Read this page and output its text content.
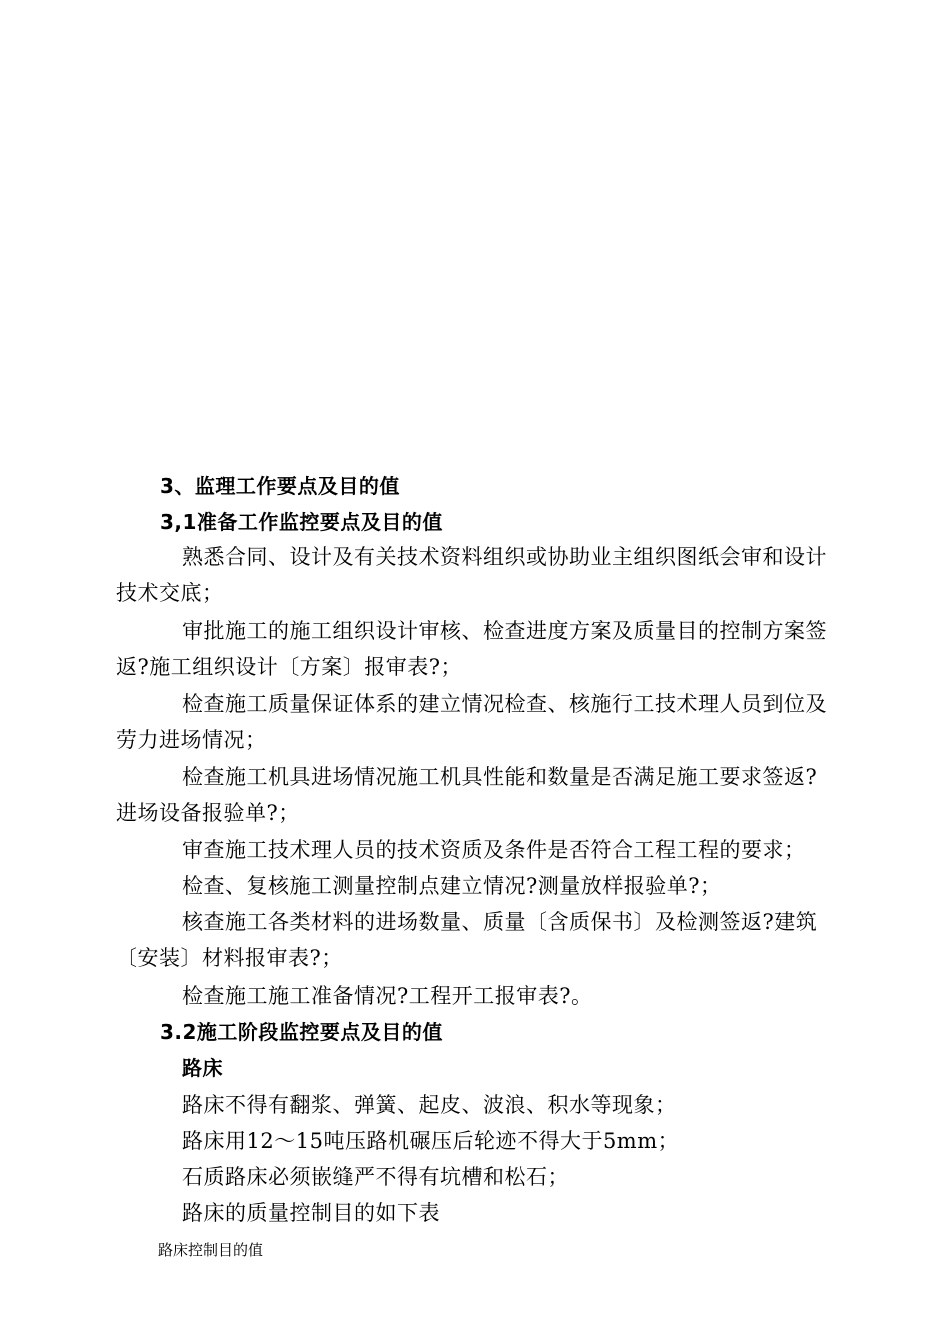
3、监理工作要点及目的值
3,1准备工作监控要点及目的值
熟悉合同、设计及有关技术资料组织或协助业主组织图纸会审和设计技术交底；
审批施工的施工组织设计审核、检查进度方案及质量目的控制方案签返?施工组织设计〔方案〕报审表?；
检查施工质量保证体系的建立情况检查、核施行工技术理人员到位及劳力进场情况；
检查施工机具进场情况施工机具性能和数量是否满足施工要求签返?进场设备报验单?；
审查施工技术理人员的技术资质及条件是否符合工程工程的要求；
检查、复核施工测量控制点建立情况?测量放样报验单?；
核查施工各类材料的进场数量、质量〔含质保书〕及检测签返?建筑〔安装〕材料报审表?；
检查施工施工准备情况?工程开工报审表?。
3.2施工阶段监控要点及目的值
路床
路床不得有翻浆、弹簧、起皮、波浪、积水等现象；
路床用12～15吨压路机碾压后轮迹不得大于5mm；
石质路床必须嵌缝严不得有坑槽和松石；
路床的质量控制目的如下表
路床控制目的值
